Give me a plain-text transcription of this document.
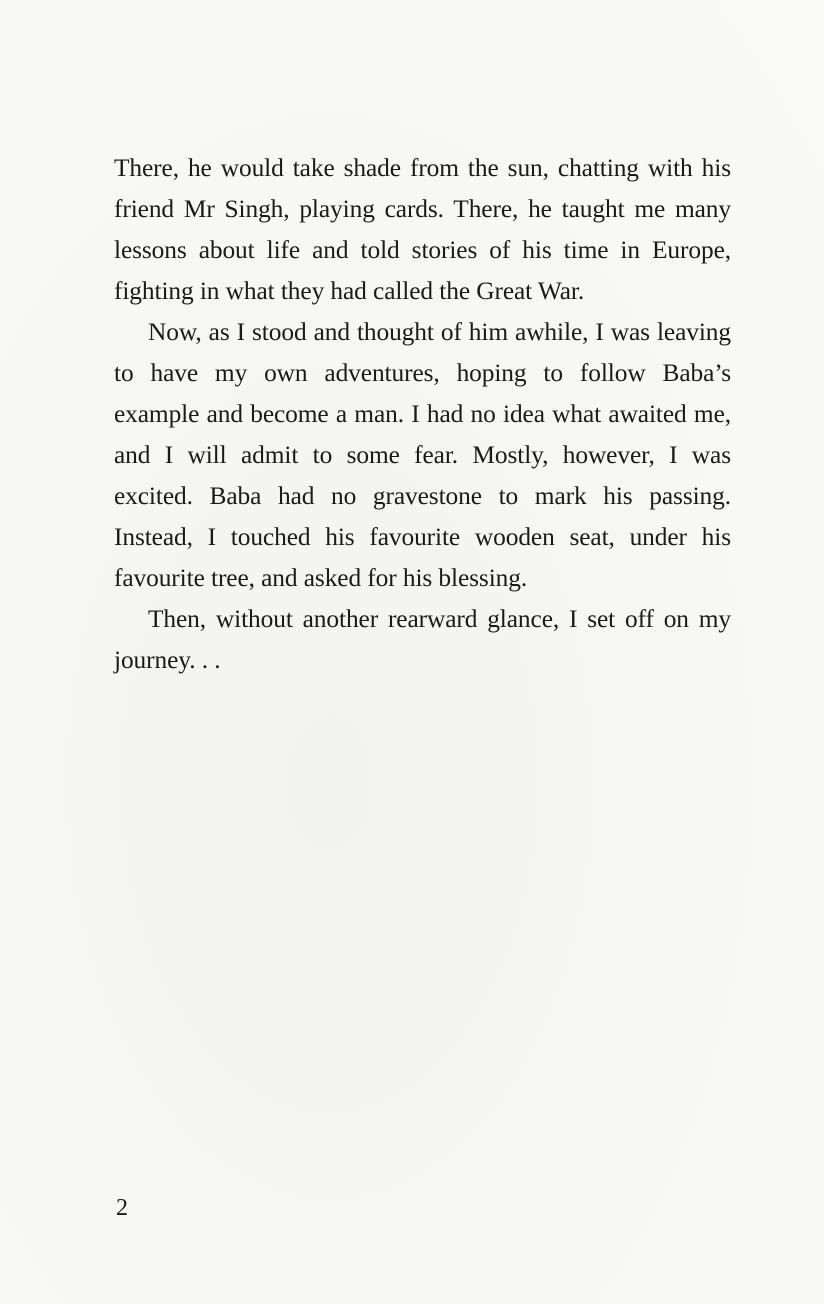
There, he would take shade from the sun, chatting with his friend Mr Singh, playing cards. There, he taught me many lessons about life and told stories of his time in Europe, fighting in what they had called the Great War.

Now, as I stood and thought of him awhile, I was leaving to have my own adventures, hoping to follow Baba’s example and become a man. I had no idea what awaited me, and I will admit to some fear. Mostly, however, I was excited. Baba had no gravestone to mark his passing. Instead, I touched his favourite wooden seat, under his favourite tree, and asked for his blessing.

Then, without another rearward glance, I set off on my journey. . .

2
